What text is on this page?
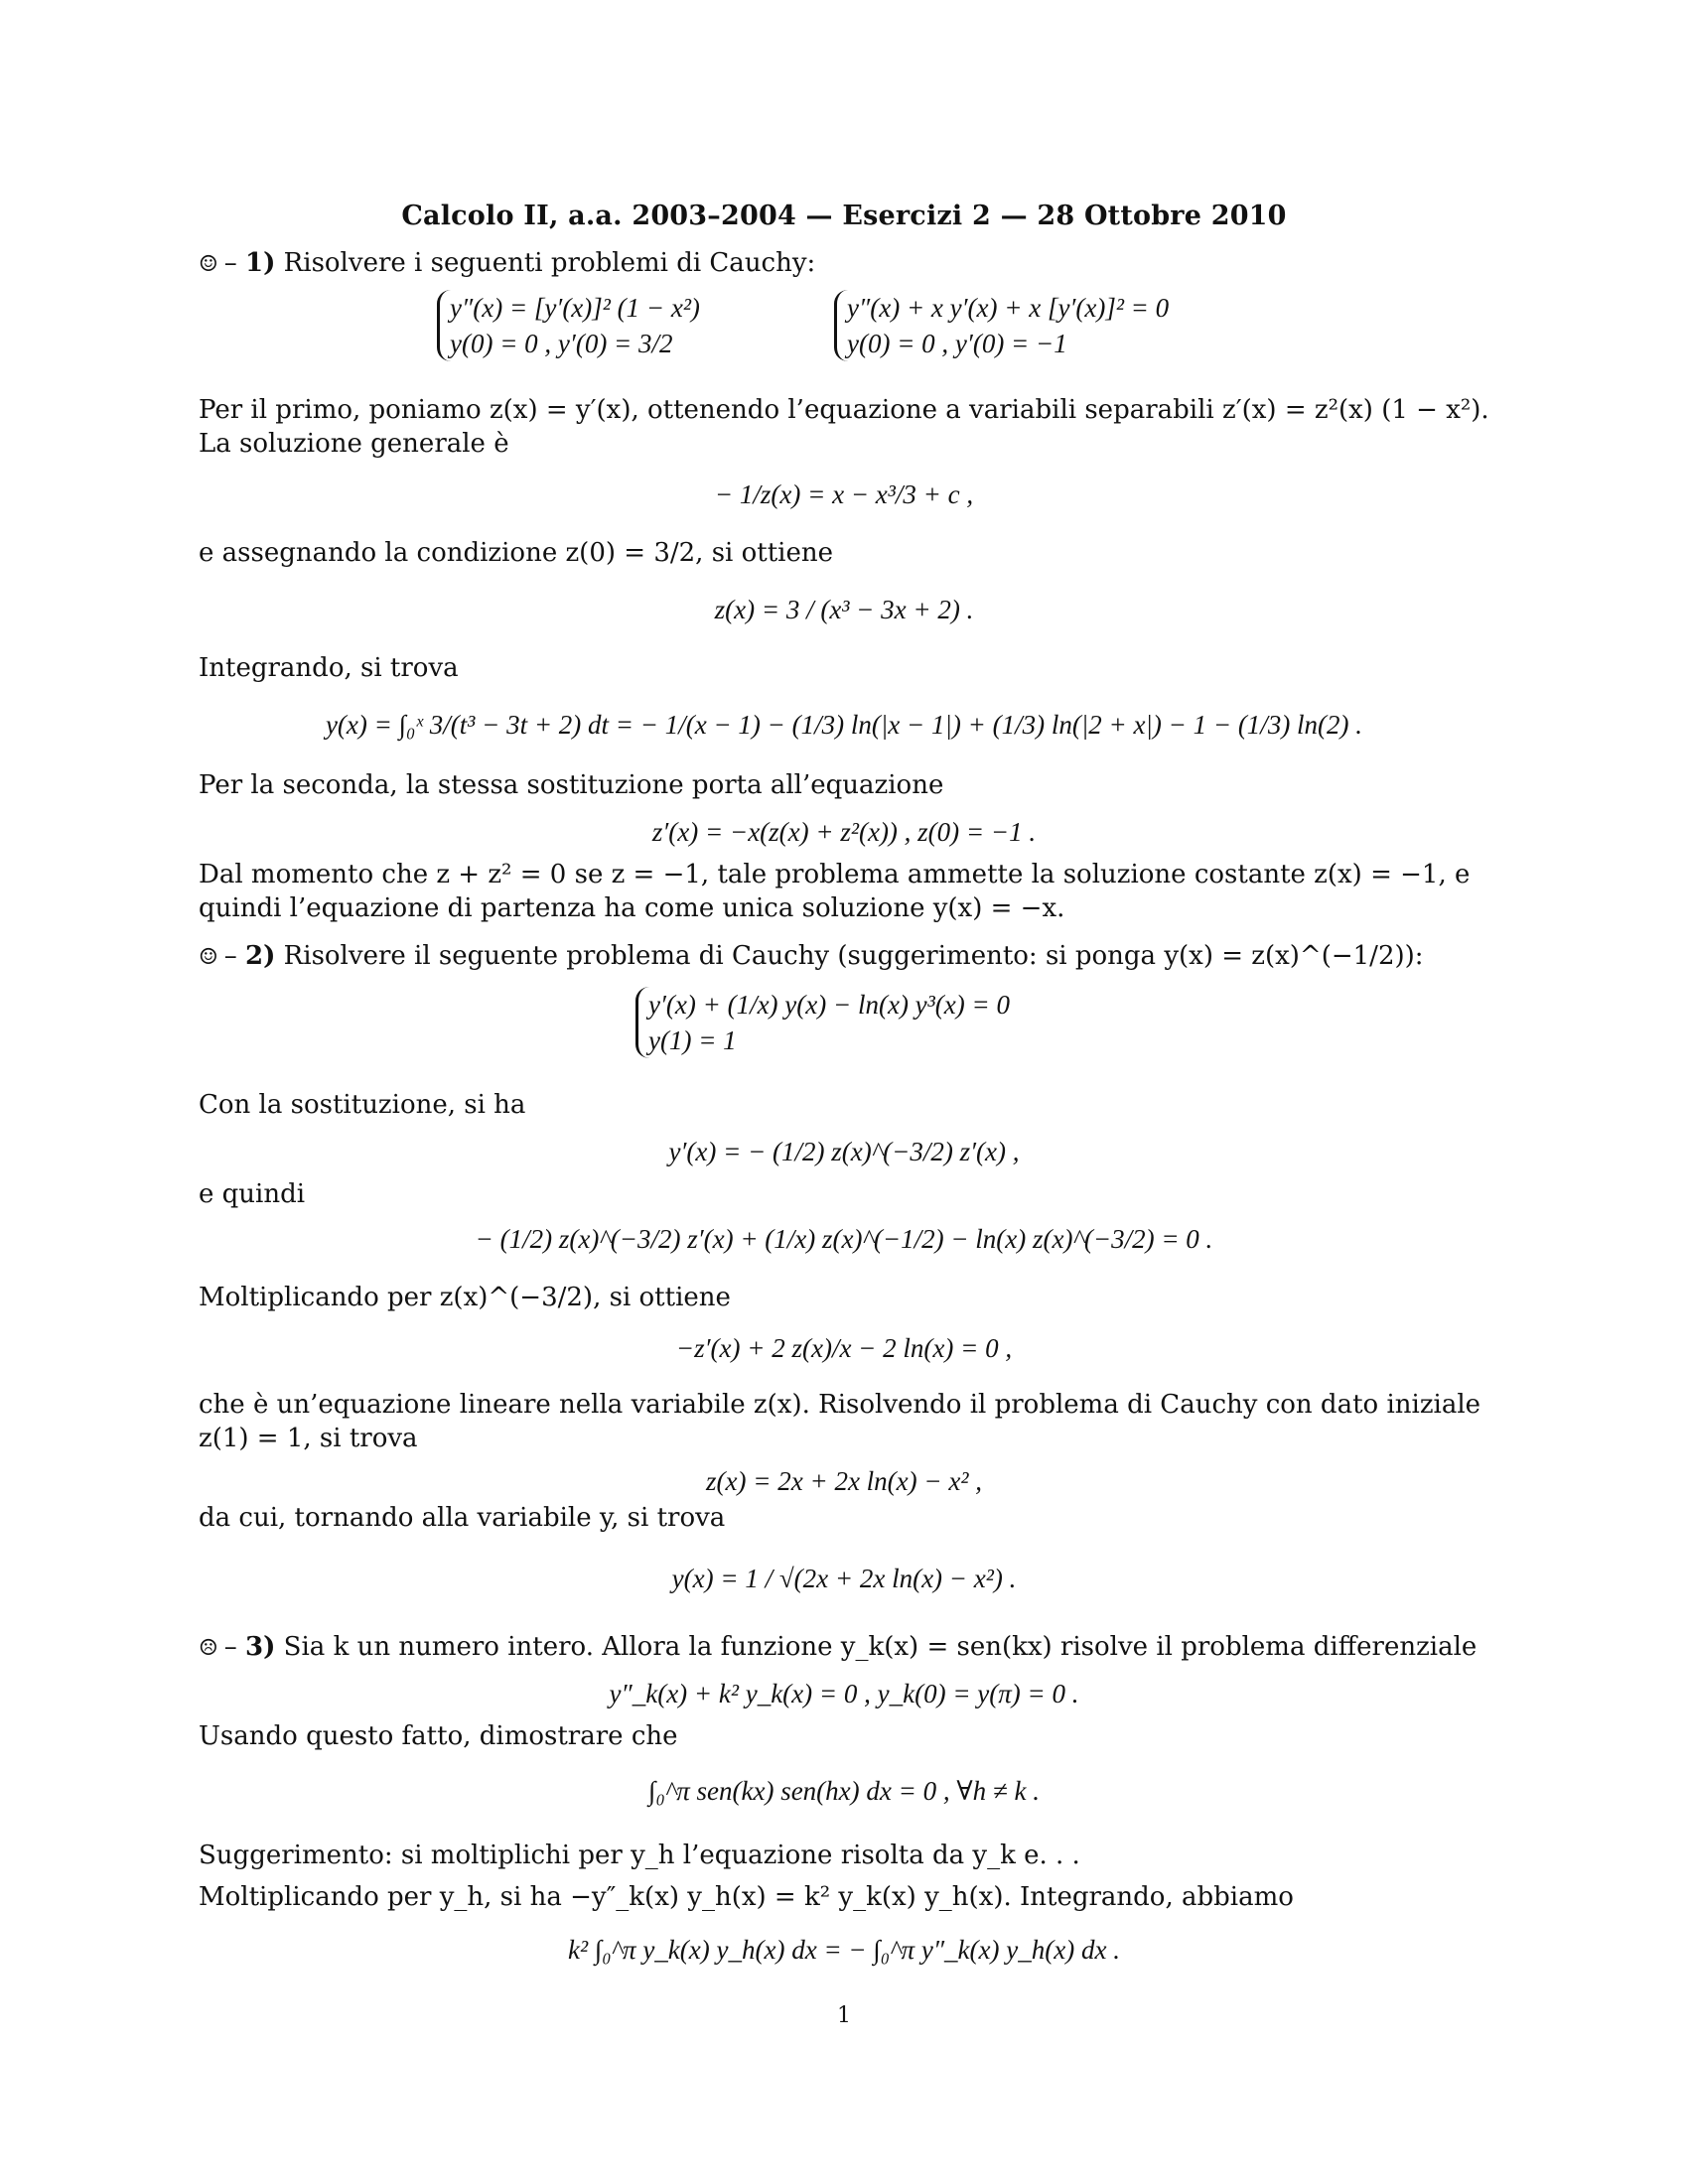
Calcolo II, a.a. 2003–2004 — Esercizi 2 — 28 Ottobre 2010
☺ – 1) Risolvere i seguenti problemi di Cauchy:
y″(x) = [y′(x)]² (1 − x²)
y(0) = 0 , y′(0) = 3/2
y″(x) + x y′(x) + x [y′(x)]² = 0
y(0) = 0 , y′(0) = −1
Per il primo, poniamo z(x) = y′(x), ottenendo l’equazione a variabili separabili z′(x) = z²(x) (1 − x²). La soluzione generale è
− 1/z(x) = x − x³/3 + c ,
e assegnando la condizione z(0) = 3/2, si ottiene
z(x) = 3 / (x³ − 3x + 2) .
Integrando, si trova
y(x) = ∫₀ˣ 3/(t³ − 3t + 2) dt = − 1/(x − 1) − (1/3) ln(|x − 1|) + (1/3) ln(|2 + x|) − 1 − (1/3) ln(2) .
Per la seconda, la stessa sostituzione porta all’equazione
z′(x) = −x(z(x) + z²(x)) , z(0) = −1 .
Dal momento che z + z² = 0 se z = −1, tale problema ammette la soluzione costante z(x) = −1, e quindi l’equazione di partenza ha come unica soluzione y(x) = −x.
☺ – 2) Risolvere il seguente problema di Cauchy (suggerimento: si ponga y(x) = z(x)^(−1/2)):
y′(x) + (1/x) y(x) − ln(x) y³(x) = 0
y(1) = 1
Con la sostituzione, si ha
y′(x) = − (1/2) z(x)^(−3/2) z′(x) ,
e quindi
− (1/2) z(x)^(−3/2) z′(x) + (1/x) z(x)^(−1/2) − ln(x) z(x)^(−3/2) = 0 .
Moltiplicando per z(x)^(−3/2), si ottiene
−z′(x) + 2 z(x)/x − 2 ln(x) = 0 ,
che è un’equazione lineare nella variabile z(x). Risolvendo il problema di Cauchy con dato iniziale z(1) = 1, si trova
z(x) = 2x + 2x ln(x) − x² ,
da cui, tornando alla variabile y, si trova
y(x) = 1 / √(2x + 2x ln(x) − x²) .
☹ – 3) Sia k un numero intero. Allora la funzione y_k(x) = sen(kx) risolve il problema differenziale
y″_k(x) + k² y_k(x) = 0 , y_k(0) = y(π) = 0 .
Usando questo fatto, dimostrare che
∫₀^π sen(kx) sen(hx) dx = 0 , ∀h ≠ k .
Suggerimento: si moltiplichi per y_h l’equazione risolta da y_k e. . .
Moltiplicando per y_h, si ha −y″_k(x) y_h(x) = k² y_k(x) y_h(x). Integrando, abbiamo
k² ∫₀^π y_k(x) y_h(x) dx = − ∫₀^π y″_k(x) y_h(x) dx .
1
